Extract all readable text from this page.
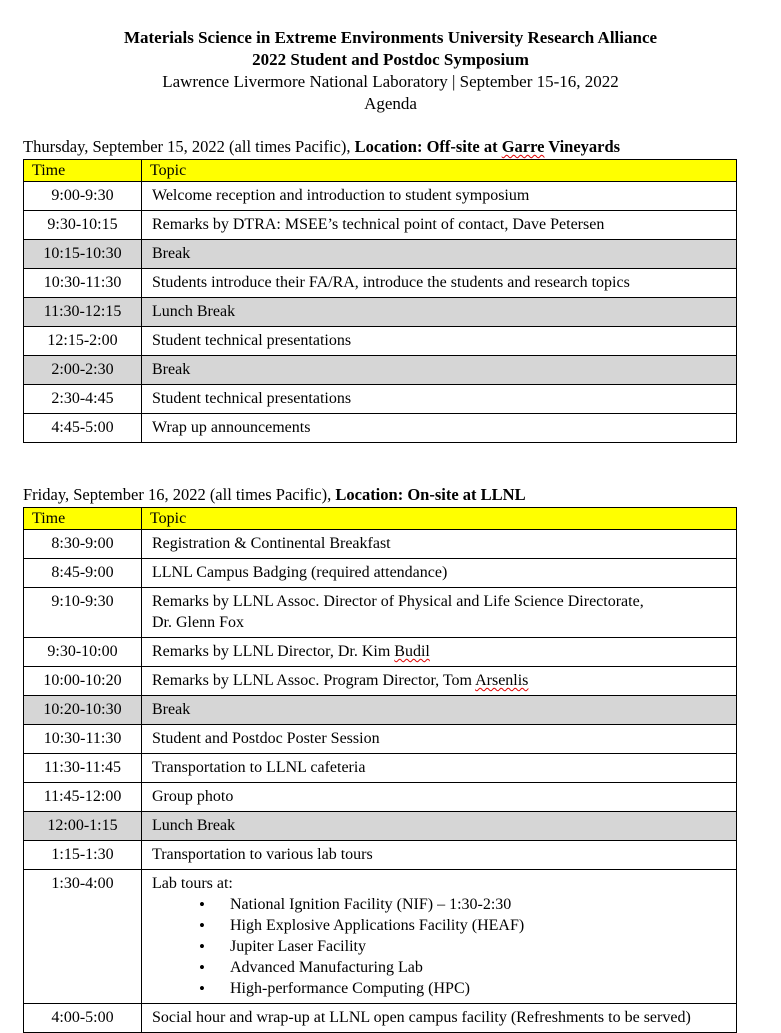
Materials Science in Extreme Environments University Research Alliance
2022 Student and Postdoc Symposium
Lawrence Livermore National Laboratory | September 15-16, 2022
Agenda

Thursday, September 15, 2022 (all times Pacific), Location: Off-site at Garre Vineyards

Time	Topic
9:00-9:30	Welcome reception and introduction to student symposium
9:30-10:15	Remarks by DTRA: MSEE’s technical point of contact, Dave Petersen
10:15-10:30	Break
10:30-11:30	Students introduce their FA/RA, introduce the students and research topics
11:30-12:15	Lunch Break
12:15-2:00	Student technical presentations
2:00-2:30	Break
2:30-4:45	Student technical presentations
4:45-5:00	Wrap up announcements

Friday, September 16, 2022 (all times Pacific), Location: On-site at LLNL

Time	Topic
8:30-9:00	Registration & Continental Breakfast
8:45-9:00	LLNL Campus Badging (required attendance)
9:10-9:30	Remarks by LLNL Assoc. Director of Physical and Life Science Directorate,
Dr. Glenn Fox
9:30-10:00	Remarks by LLNL Director, Dr. Kim Budil
10:00-10:20	Remarks by LLNL Assoc. Program Director, Tom Arsenlis
10:20-10:30	Break
10:30-11:30	Student and Postdoc Poster Session
11:30-11:45	Transportation to LLNL cafeteria
11:45-12:00	Group photo
12:00-1:15	Lunch Break
1:15-1:30	Transportation to various lab tours
1:30-4:00	Lab tours at:
• National Ignition Facility (NIF) – 1:30-2:30
• High Explosive Applications Facility (HEAF)
• Jupiter Laser Facility
• Advanced Manufacturing Lab
• High-performance Computing (HPC)

4:00-5:00	Social hour and wrap-up at LLNL open campus facility (Refreshments to be served)
